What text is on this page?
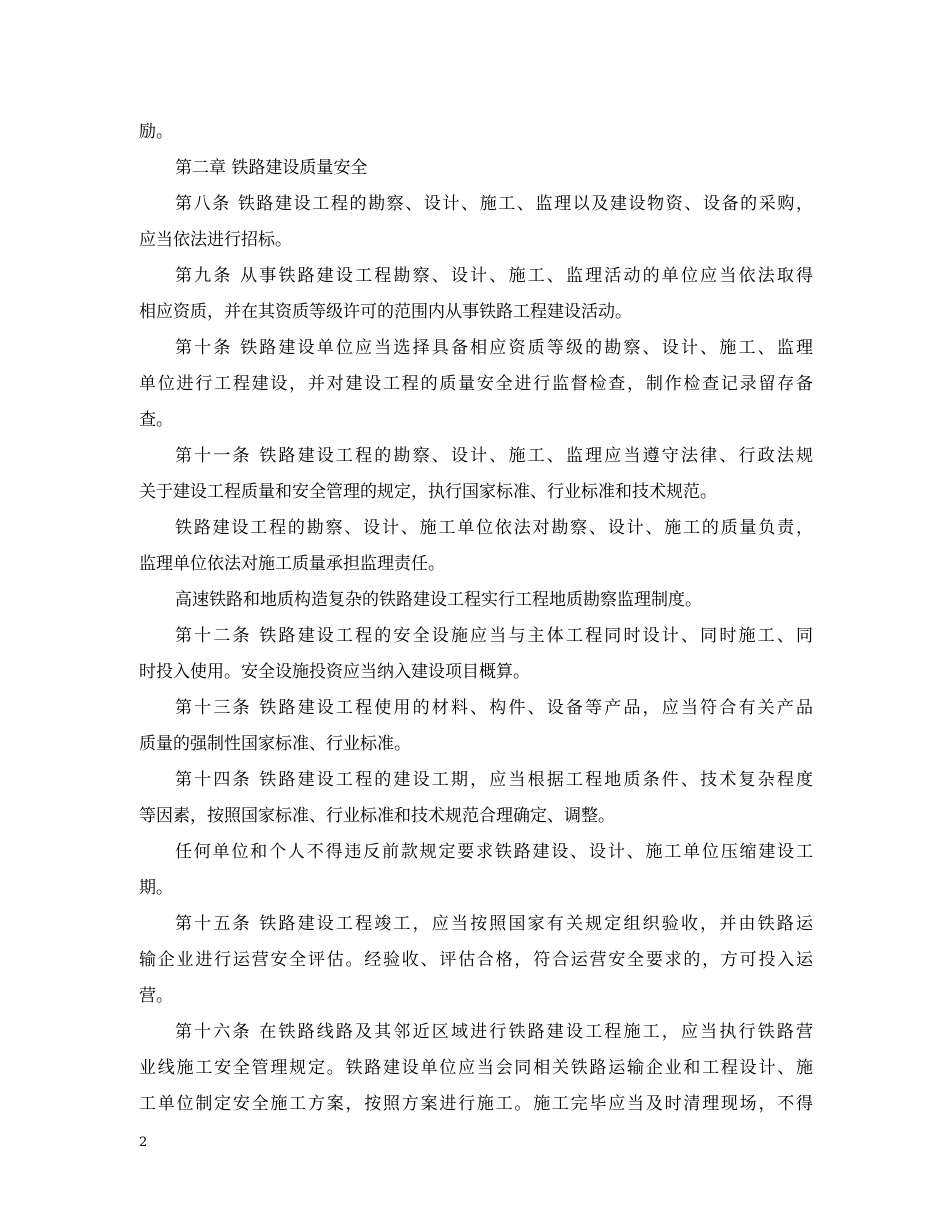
励。
第二章 铁路建设质量安全
第八条 铁路建设工程的勘察、设计、施工、监理以及建设物资、设备的采购，
应当依法进行招标。
第九条 从事铁路建设工程勘察、设计、施工、监理活动的单位应当依法取得
相应资质，并在其资质等级许可的范围内从事铁路工程建设活动。
第十条 铁路建设单位应当选择具备相应资质等级的勘察、设计、施工、监理
单位进行工程建设，并对建设工程的质量安全进行监督检查，制作检查记录留存备
查。
第十一条 铁路建设工程的勘察、设计、施工、监理应当遵守法律、行政法规
关于建设工程质量和安全管理的规定，执行国家标准、行业标准和技术规范。
铁路建设工程的勘察、设计、施工单位依法对勘察、设计、施工的质量负责，
监理单位依法对施工质量承担监理责任。
高速铁路和地质构造复杂的铁路建设工程实行工程地质勘察监理制度。
第十二条 铁路建设工程的安全设施应当与主体工程同时设计、同时施工、同
时投入使用。安全设施投资应当纳入建设项目概算。
第十三条 铁路建设工程使用的材料、构件、设备等产品，应当符合有关产品
质量的强制性国家标准、行业标准。
第十四条 铁路建设工程的建设工期，应当根据工程地质条件、技术复杂程度
等因素，按照国家标准、行业标准和技术规范合理确定、调整。
任何单位和个人不得违反前款规定要求铁路建设、设计、施工单位压缩建设工
期。
第十五条 铁路建设工程竣工，应当按照国家有关规定组织验收，并由铁路运
输企业进行运营安全评估。经验收、评估合格，符合运营安全要求的，方可投入运
营。
第十六条 在铁路线路及其邻近区域进行铁路建设工程施工，应当执行铁路营
业线施工安全管理规定。铁路建设单位应当会同相关铁路运输企业和工程设计、施
工单位制定安全施工方案，按照方案进行施工。施工完毕应当及时清理现场，不得
2
